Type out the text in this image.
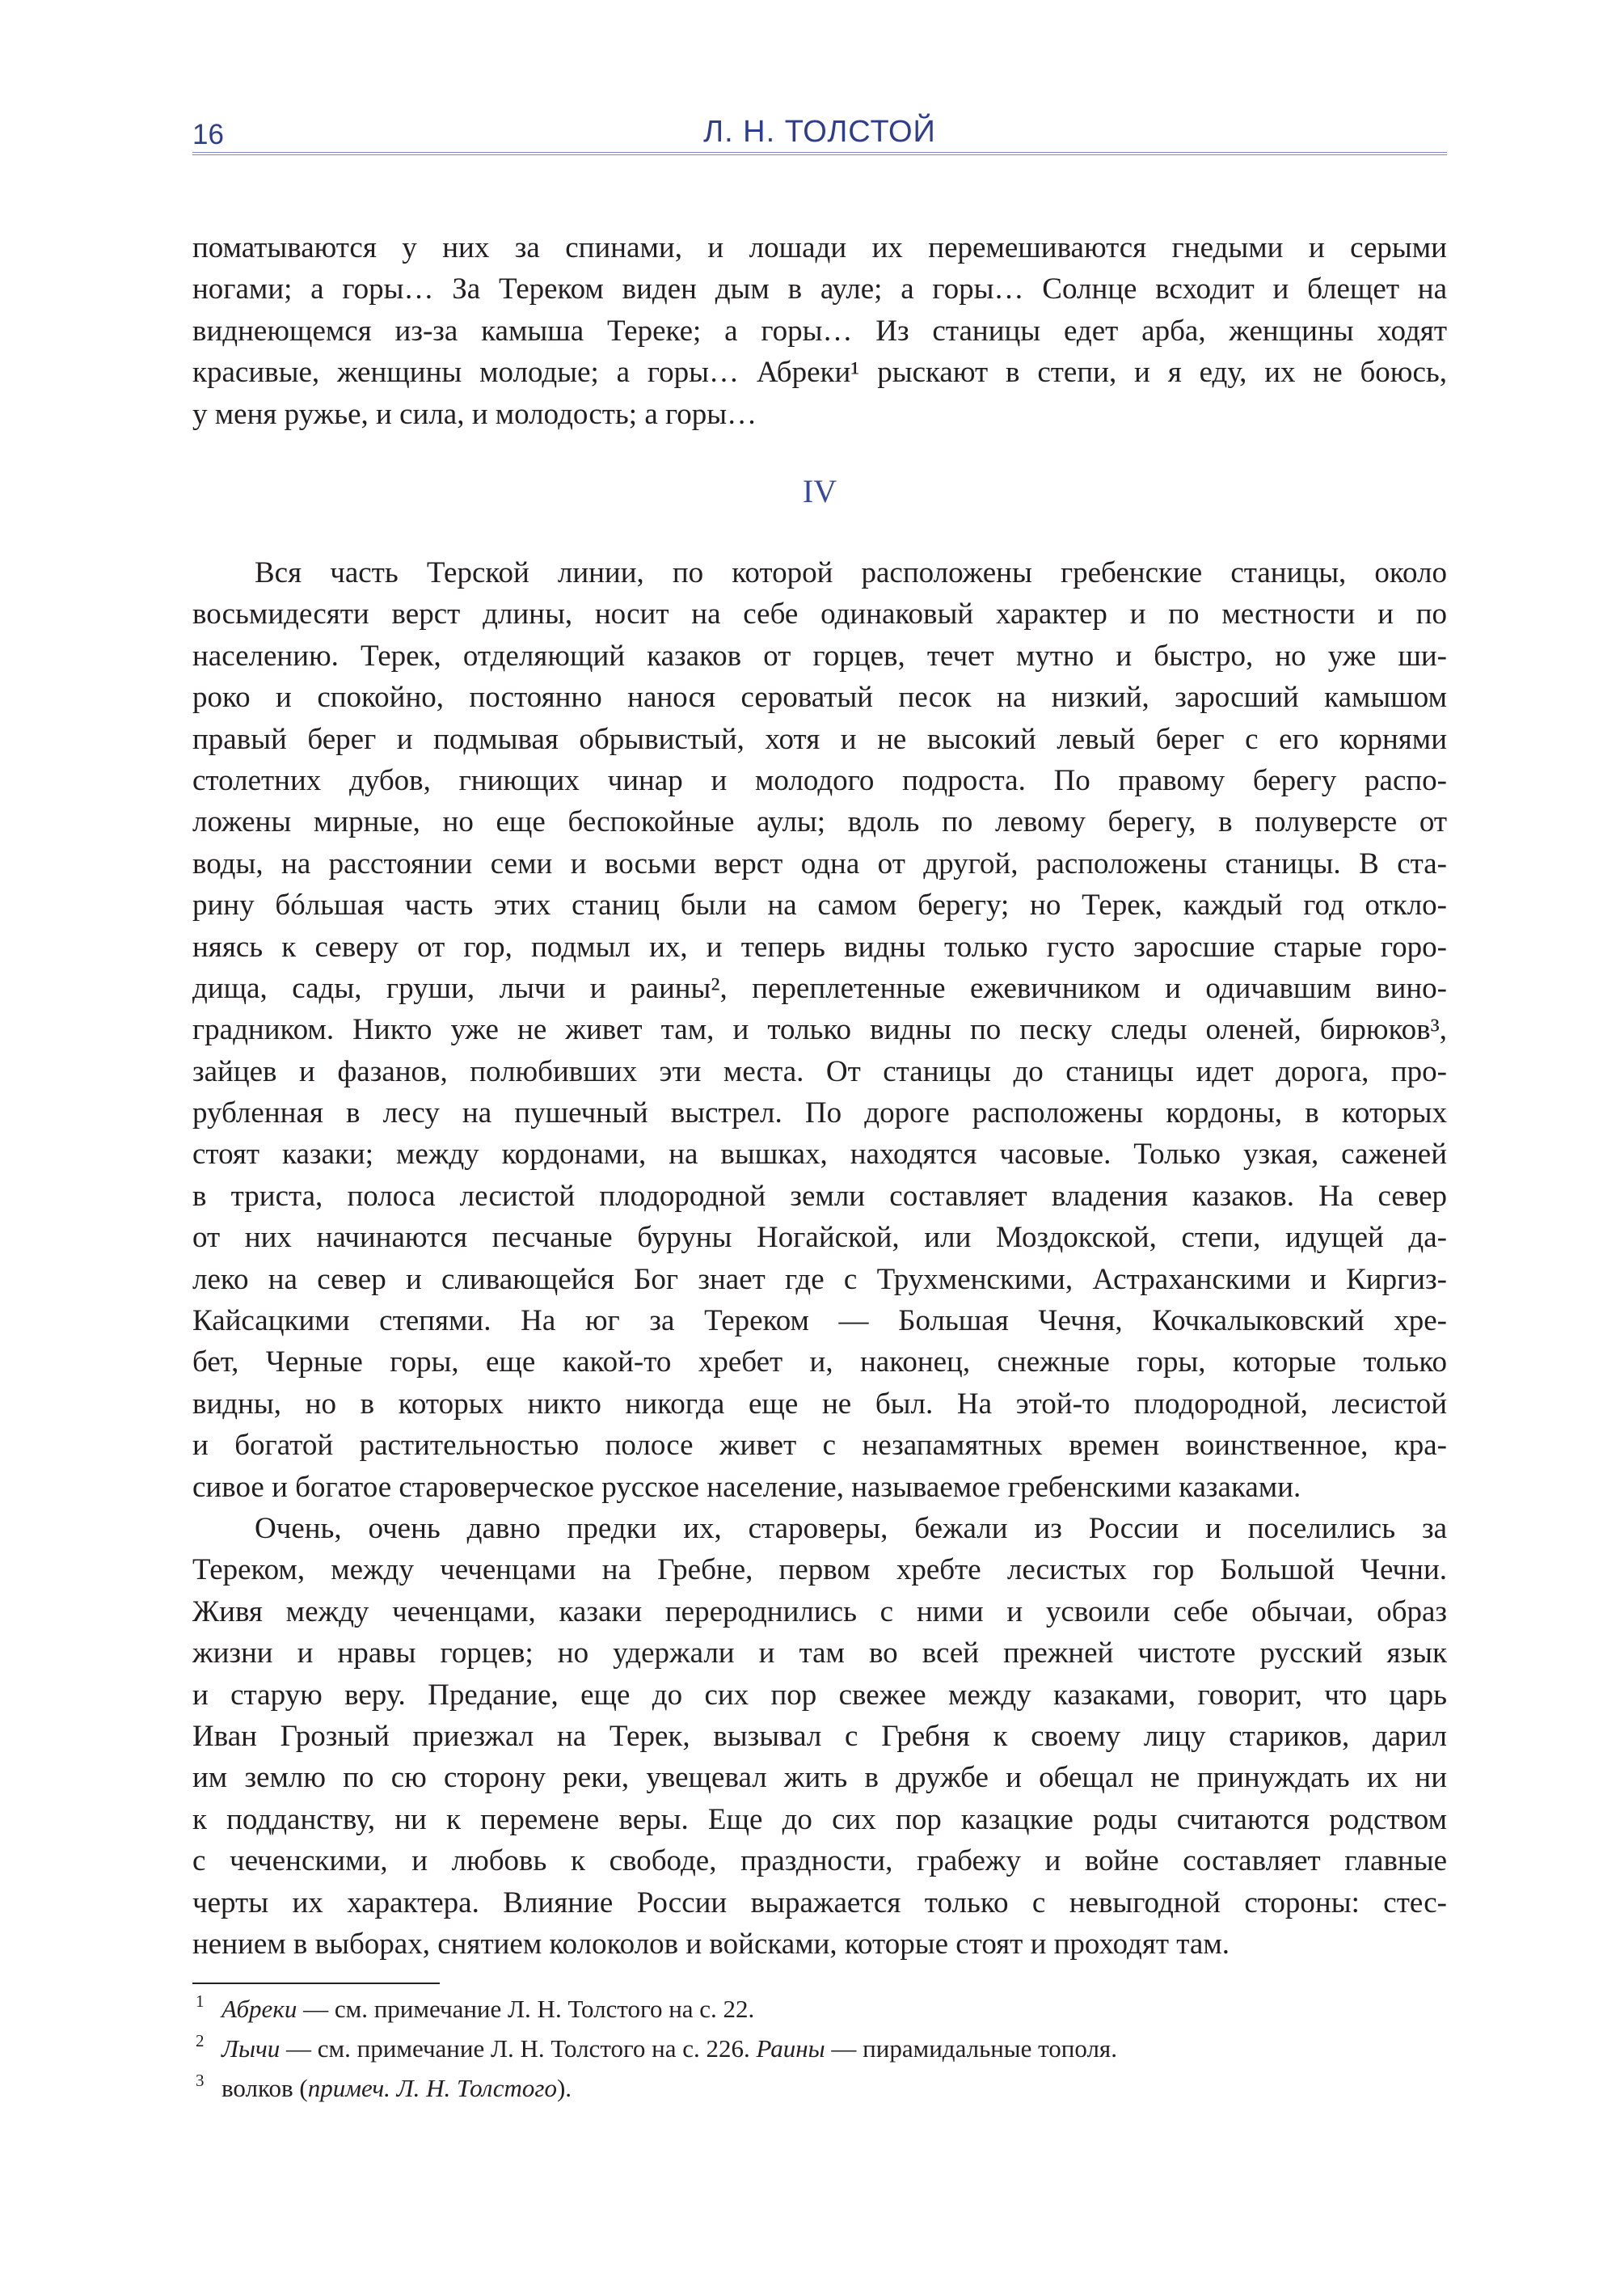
16	Л. Н. ТОЛСТОЙ
поматываются у них за спинами, и лошади их перемешиваются гнедыми и серыми
ногами; а горы… За Тереком виден дым в ауле; а горы… Солнце всходит и блещет на
виднеющемся из-за камыша Тереке; а горы… Из станицы едет арба, женщины ходят
красивые, женщины молодые; а горы… Абреки¹ рыскают в степи, и я еду, их не боюсь,
у меня ружье, и сила, и молодость; а горы…
IV
Вся часть Терской линии, по которой расположены гребенские станицы, около
восьмидесяти верст длины, носит на себе одинаковый характер и по местности и по
населению. Терек, отделяющий казаков от горцев, течет мутно и быстро, но уже ши-
роко и спокойно, постоянно нанося сероватый песок на низкий, заросший камышом
правый берег и подмывая обрывистый, хотя и не высокий левый берег с его корнями
столетних дубов, гниющих чинар и молодого подроста. По правому берегу распо-
ложены мирные, но еще беспокойные аулы; вдоль по левому берегу, в полуверсте от
воды, на расстоянии семи и восьми верст одна от другой, расположены станицы. В ста-
рину бóльшая часть этих станиц были на самом берегу; но Терек, каждый год откло-
няясь к северу от гор, подмыл их, и теперь видны только густо заросшие старые горо-
дища, сады, груши, лычи и раины², переплетенные ежевичником и одичавшим вино-
градником. Никто уже не живет там, и только видны по песку следы оленей, бирюков³,
зайцев и фазанов, полюбивших эти места. От станицы до станицы идет дорога, про-
рубленная в лесу на пушечный выстрел. По дороге расположены кордоны, в которых
стоят казаки; между кордонами, на вышках, находятся часовые. Только узкая, саженей
в триста, полоса лесистой плодородной земли составляет владения казаков. На север
от них начинаются песчаные буруны Ногайской, или Моздокской, степи, идущей да-
леко на север и сливающейся Бог знает где с Трухменскими, Астраханскими и Киргиз-
Кайсацкими степями. На юг за Тереком — Большая Чечня, Кочкалыковский хре-
бет, Черные горы, еще какой-то хребет и, наконец, снежные горы, которые только
видны, но в которых никто никогда еще не был. На этой-то плодородной, лесистой
и богатой растительностью полосе живет с незапамятных времен воинственное, кра-
сивое и богатое староверческое русское население, называемое гребенскими казаками.
Очень, очень давно предки их, староверы, бежали из России и поселились за
Тереком, между чеченцами на Гребне, первом хребте лесистых гор Большой Чечни.
Живя между чеченцами, казаки перероднились с ними и усвоили себе обычаи, образ
жизни и нравы горцев; но удержали и там во всей прежней чистоте русский язык
и старую веру. Предание, еще до сих пор свежее между казаками, говорит, что царь
Иван Грозный приезжал на Терек, вызывал с Гребня к своему лицу стариков, дарил
им землю по сю сторону реки, увещевал жить в дружбе и обещал не принуждать их ни
к подданству, ни к перемене веры. Еще до сих пор казацкие роды считаются родством
с чеченскими, и любовь к свободе, праздности, грабежу и войне составляет главные
черты их характера. Влияние России выражается только с невыгодной стороны: стес-
нением в выборах, снятием колоколов и войсками, которые стоят и проходят там.
1 Абреки — см. примечание Л. Н. Толстого на с. 22.
2 Лычи — см. примечание Л. Н. Толстого на с. 226. Раины — пирамидальные тополя.
3 волков (примеч. Л. Н. Толстого).
